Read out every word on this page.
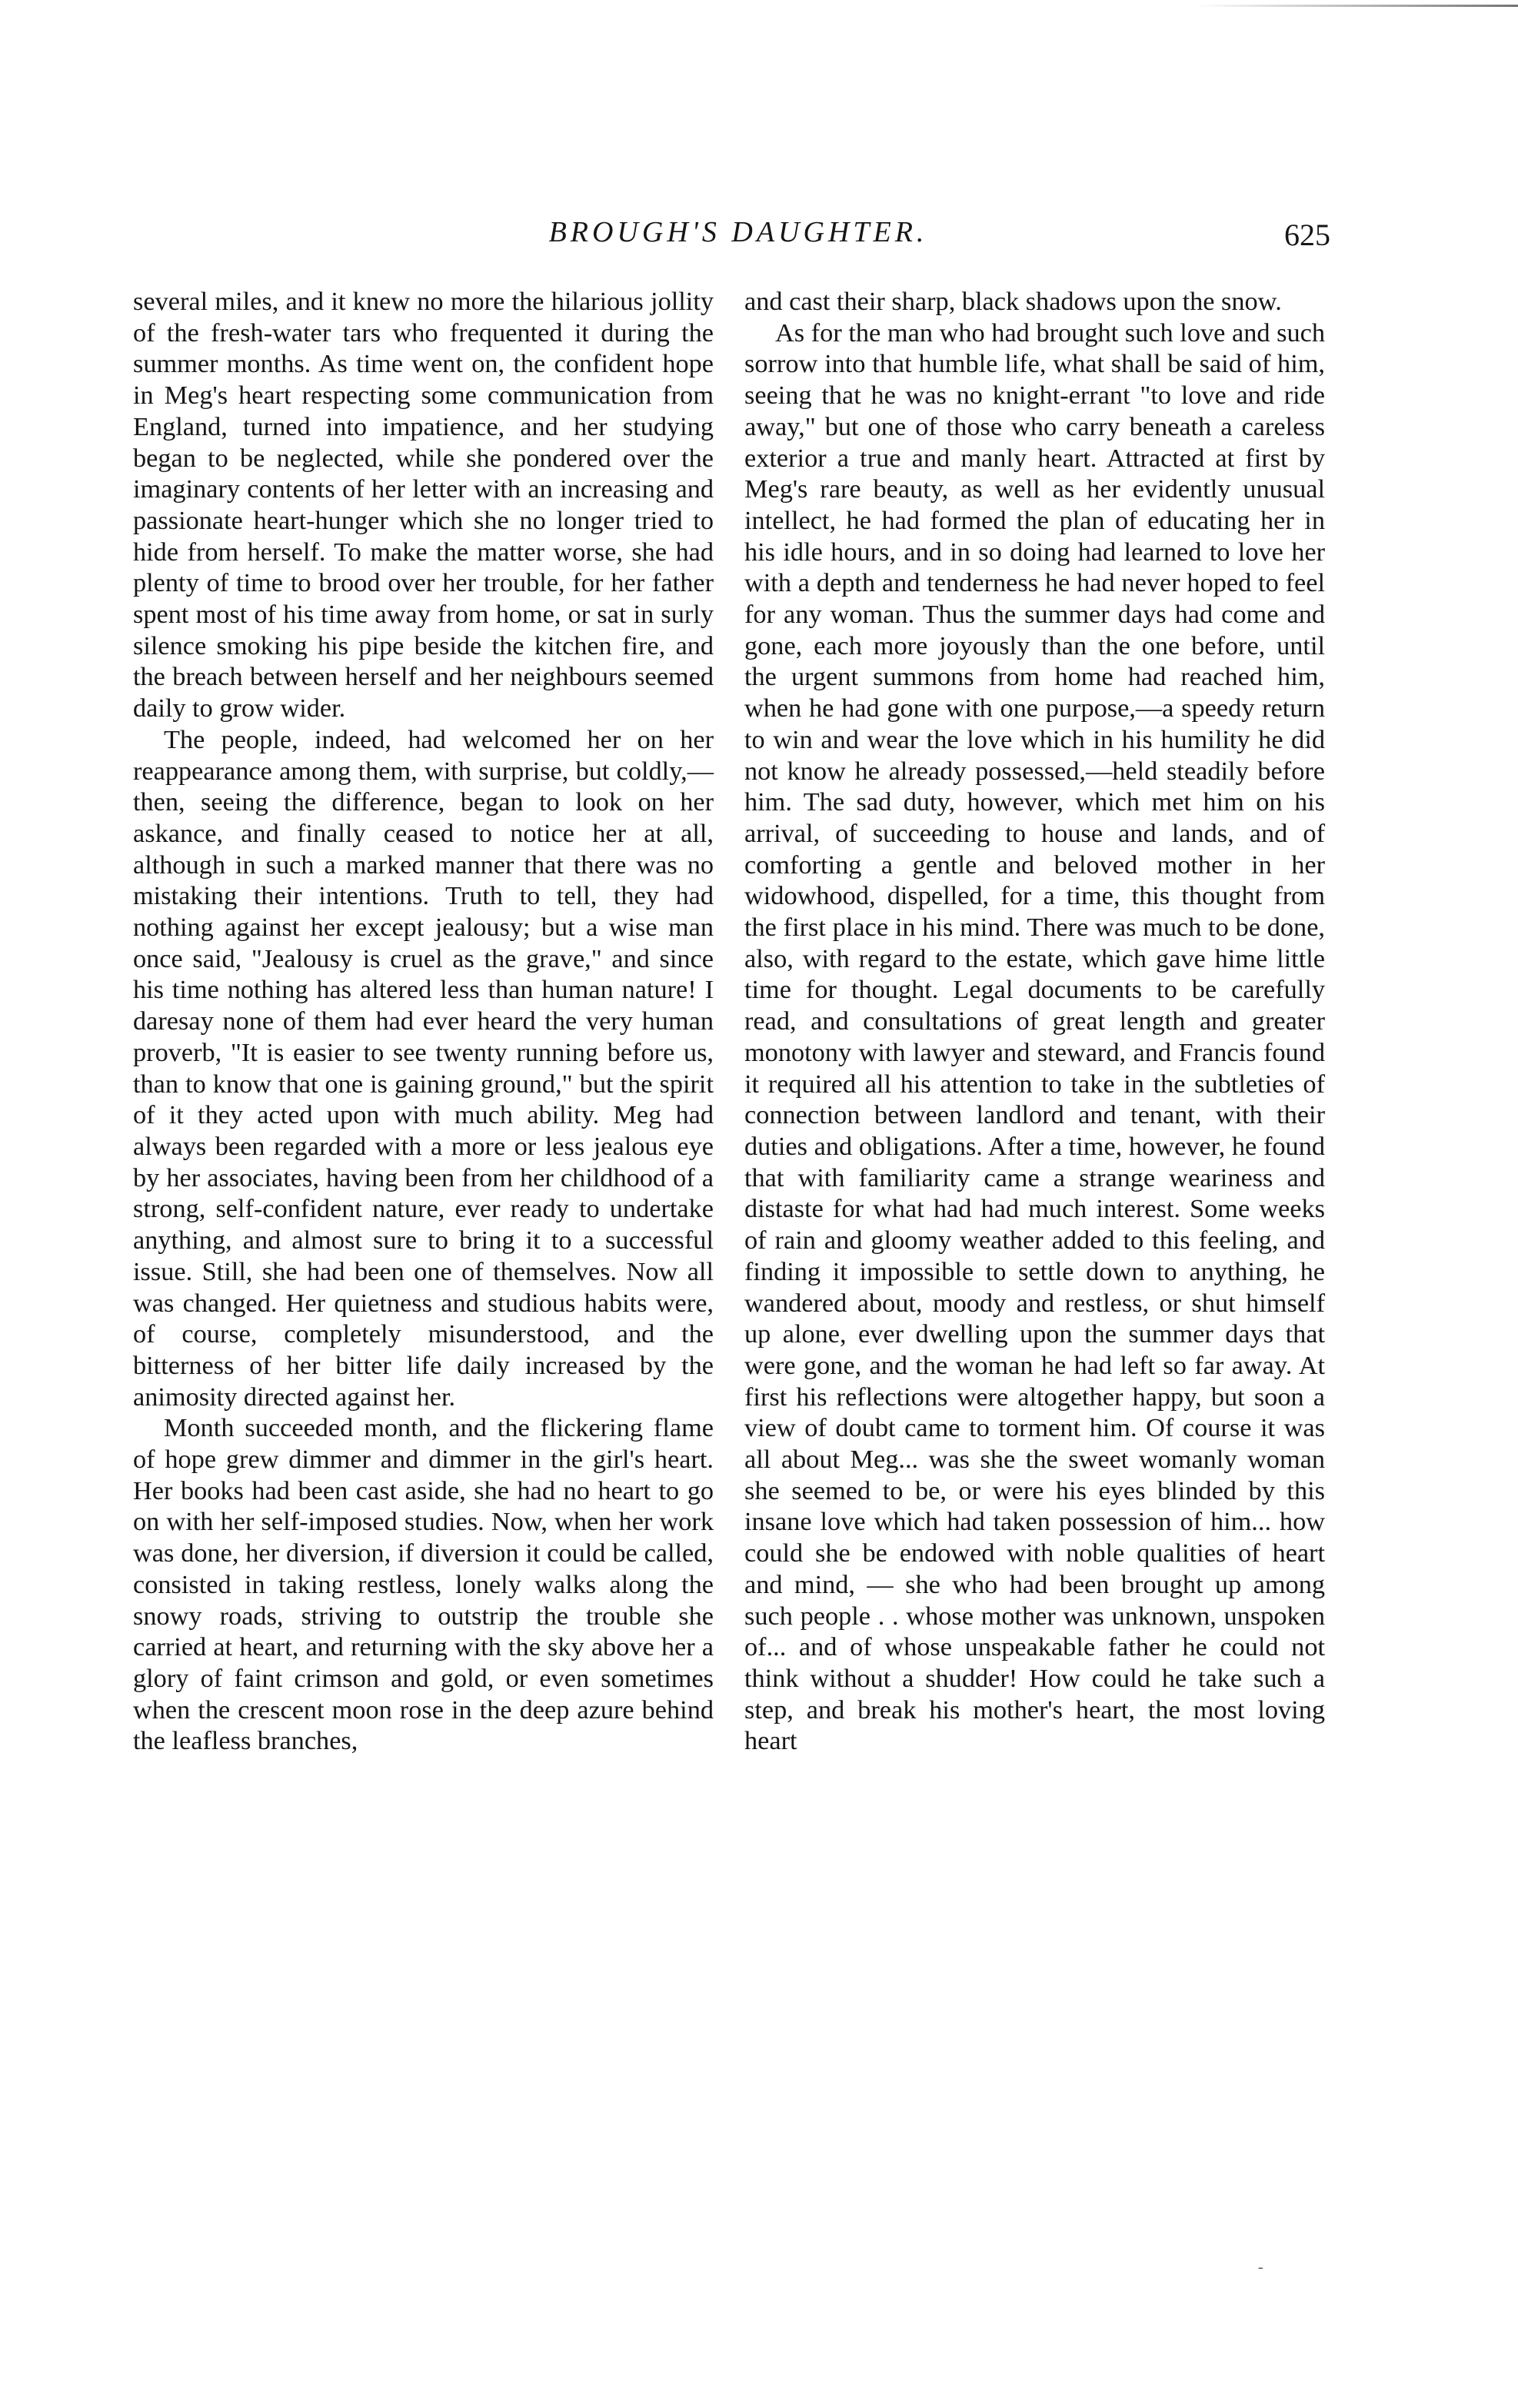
BROUGH'S DAUGHTER.	625

several miles, and it knew no more the hilarious jollity of the fresh-water tars who frequented it during the summer months. As time went on, the confident hope in Meg's heart respecting some communication from England, turned into impatience, and her studying began to be neglected, while she pondered over the imaginary contents of her letter with an increasing and passionate heart-hunger which she no longer tried to hide from herself. To make the matter worse, she had plenty of time to brood over her trouble, for her father spent most of his time away from home, or sat in surly silence smoking his pipe beside the kitchen fire, and the breach between herself and her neighbours seemed daily to grow wider.

The people, indeed, had welcomed her on her reappearance among them, with surprise, but coldly,—then, seeing the difference, began to look on her askance, and finally ceased to notice her at all, although in such a marked manner that there was no mistaking their intentions. Truth to tell, they had nothing against her except jealousy; but a wise man once said, "Jealousy is cruel as the grave," and since his time nothing has altered less than human nature! I daresay none of them had ever heard the very human proverb, "It is easier to see twenty running before us, than to know that one is gaining ground," but the spirit of it they acted upon with much ability. Meg had always been regarded with a more or less jealous eye by her associates, having been from her childhood of a strong, self-confident nature, ever ready to undertake anything, and almost sure to bring it to a successful issue. Still, she had been one of themselves. Now all was changed. Her quietness and studious habits were, of course, completely misunderstood, and the bitterness of her bitter life daily increased by the animosity directed against her.

Month succeeded month, and the flickering flame of hope grew dimmer and dimmer in the girl's heart. Her books had been cast aside, she had no heart to go on with her self-imposed studies. Now, when her work was done, her diversion, if diversion it could be called, consisted in taking restless, lonely walks along the snowy roads, striving to outstrip the trouble she carried at heart, and returning with the sky above her a glory of faint crimson and gold, or even sometimes when the crescent moon rose in the deep azure behind the leafless branches,

and cast their sharp, black shadows upon the snow.

As for the man who had brought such love and such sorrow into that humble life, what shall be said of him, seeing that he was no knight-errant "to love and ride away," but one of those who carry beneath a careless exterior a true and manly heart. Attracted at first by Meg's rare beauty, as well as her evidently unusual intellect, he had formed the plan of educating her in his idle hours, and in so doing had learned to love her with a depth and tenderness he had never hoped to feel for any woman. Thus the summer days had come and gone, each more joyously than the one before, until the urgent summons from home had reached him, when he had gone with one purpose,—a speedy return to win and wear the love which in his humility he did not know he already possessed,—held steadily before him. The sad duty, however, which met him on his arrival, of succeeding to house and lands, and of comforting a gentle and beloved mother in her widowhood, dispelled, for a time, this thought from the first place in his mind. There was much to be done, also, with regard to the estate, which gave hime little time for thought. Legal documents to be carefully read, and consultations of great length and greater monotony with lawyer and steward, and Francis found it required all his attention to take in the subtleties of connection between landlord and tenant, with their duties and obligations. After a time, however, he found that with familiarity came a strange weariness and distaste for what had had much interest. Some weeks of rain and gloomy weather added to this feeling, and finding it impossible to settle down to anything, he wandered about, moody and restless, or shut himself up alone, ever dwelling upon the summer days that were gone, and the woman he had left so far away. At first his reflections were altogether happy, but soon a view of doubt came to torment him. Of course it was all about Meg... was she the sweet womanly woman she seemed to be, or were his eyes blinded by this insane love which had taken possession of him... how could she be endowed with noble qualities of heart and mind, — she who had been brought up among such people . . whose mother was unknown, unspoken of... and of whose unspeakable father he could not think without a shudder! How could he take such a step, and break his mother's heart, the most loving heart

-
